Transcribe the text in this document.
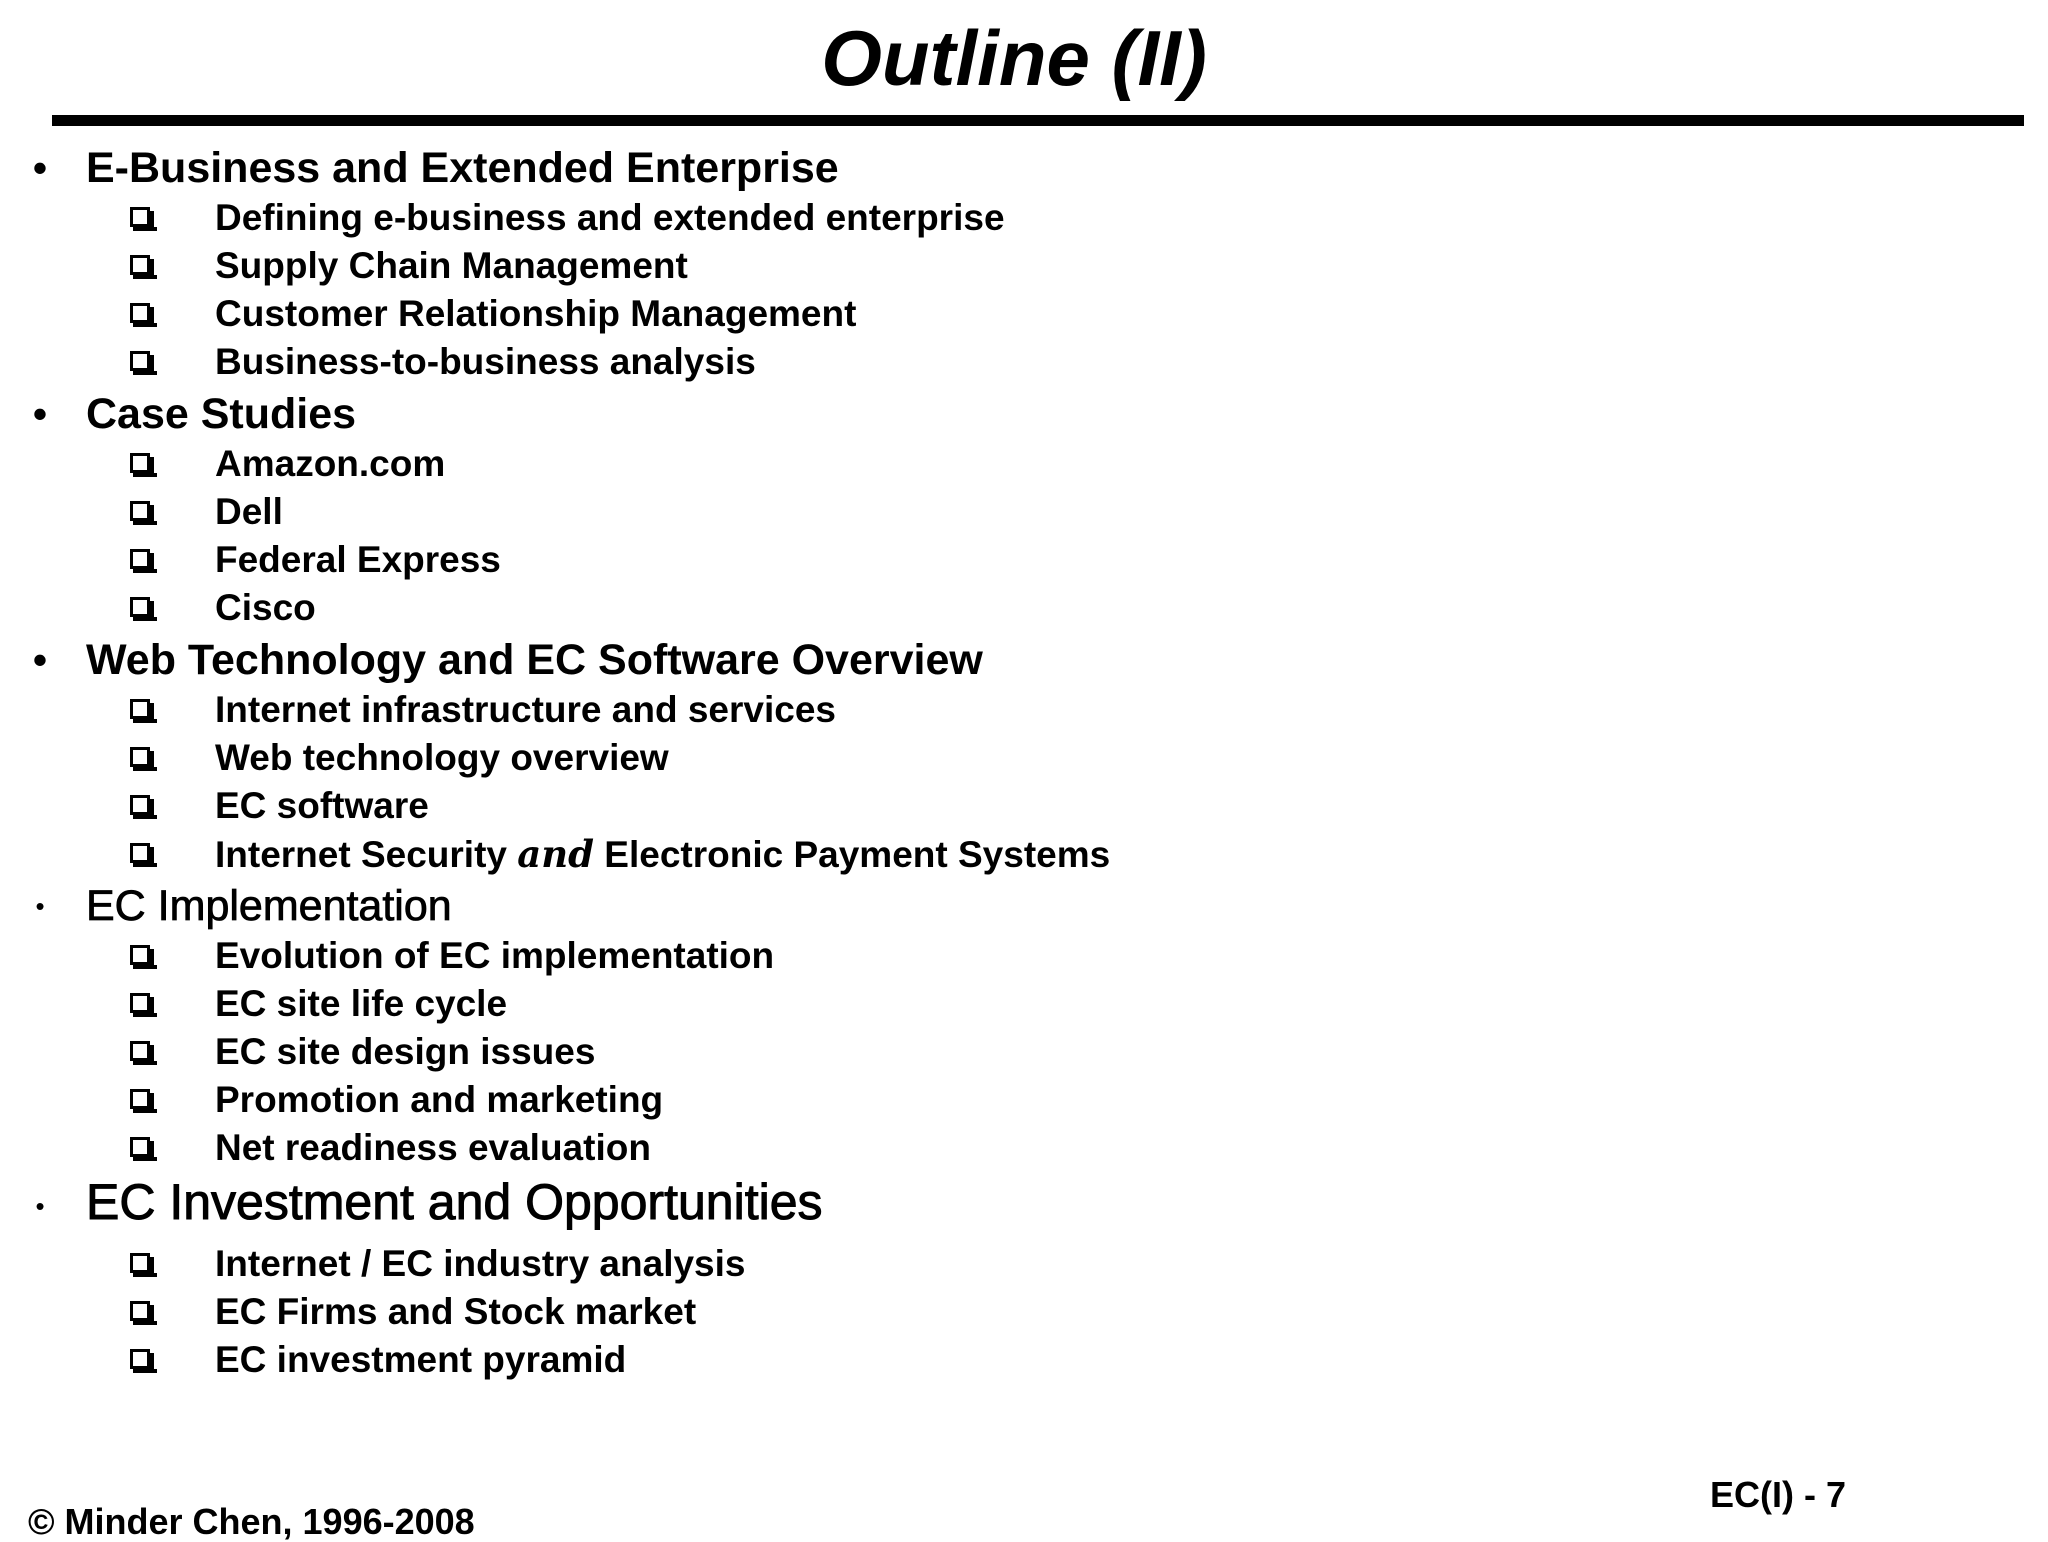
Outline (II)
• E-Business and Extended Enterprise
Defining e-business and extended enterprise
Supply Chain Management
Customer Relationship Management
Business-to-business analysis
• Case Studies
Amazon.com
Dell
Federal Express
Cisco
• Web Technology and EC Software Overview
Internet infrastructure and services
Web technology overview
EC software
Internet Security and Electronic Payment Systems
• EC Implementation
Evolution of EC implementation
EC site life cycle
EC site design issues
Promotion and marketing
Net readiness evaluation
• EC Investment and Opportunities
Internet / EC industry analysis
EC Firms and Stock market
EC investment pyramid
© Minder Chen, 1996-2008
EC(I) - 7
